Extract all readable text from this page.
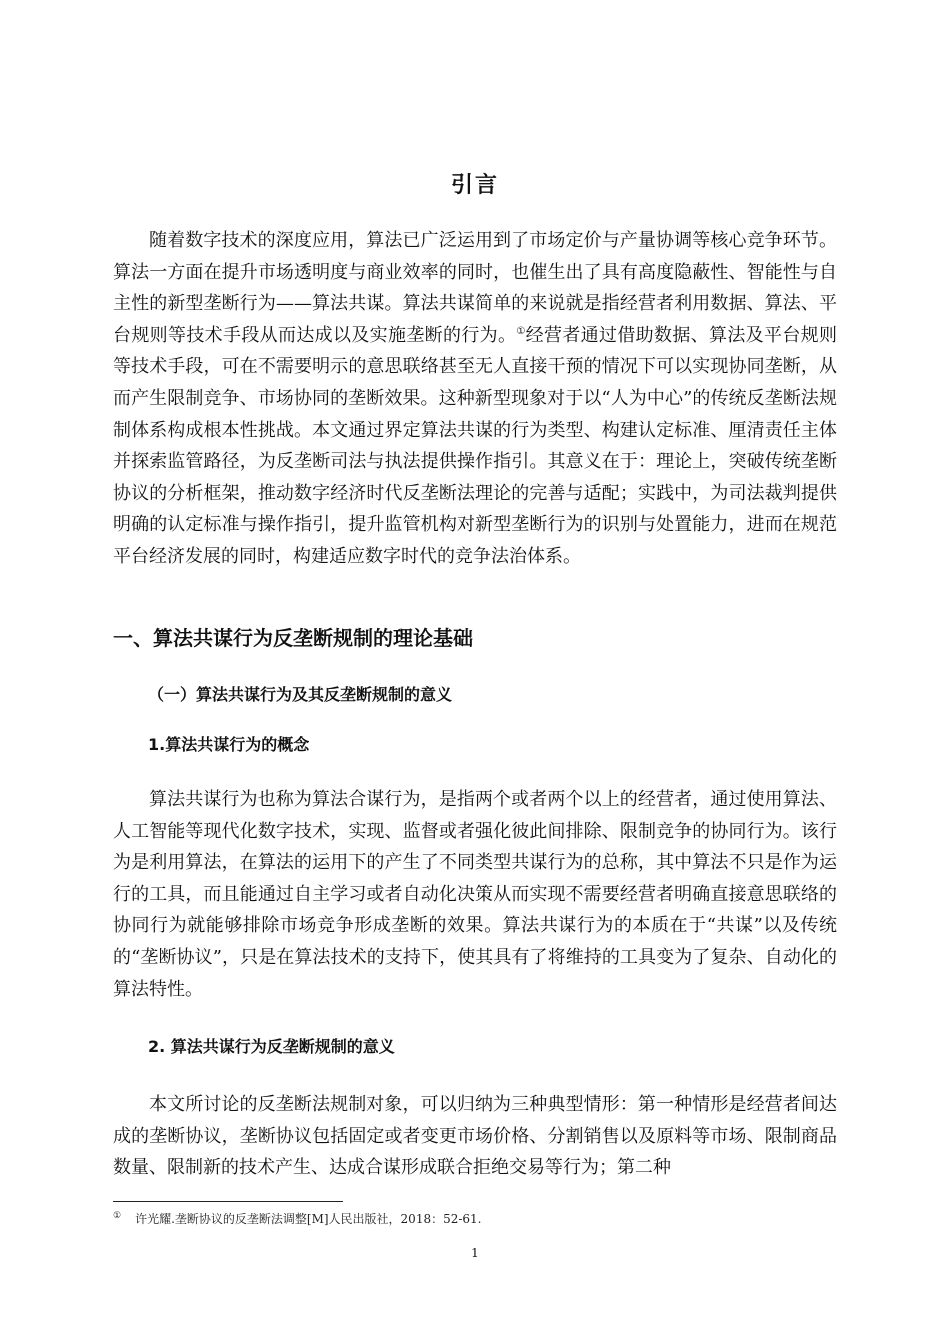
引言

随着数字技术的深度应用，算法已广泛运用到了市场定价与产量协调等核心竞争环节。算法一方面在提升市场透明度与商业效率的同时，也催生出了具有高度隐蔽性、智能性与自主性的新型垄断行为——算法共谋。算法共谋简单的来说就是指经营者利用数据、算法、平台规则等技术手段从而达成以及实施垄断的行为。①经营者通过借助数据、算法及平台规则等技术手段，可在不需要明示的意思联络甚至无人直接干预的情况下可以实现协同垄断，从而产生限制竞争、市场协同的垄断效果。这种新型现象对于以“人为中心”的传统反垄断法规制体系构成根本性挑战。本文通过界定算法共谋的行为类型、构建认定标准、厘清责任主体并探索监管路径，为反垄断司法与执法提供操作指引。其意义在于：理论上，突破传统垄断协议的分析框架，推动数字经济时代反垄断法理论的完善与适配；实践中，为司法裁判提供明确的认定标准与操作指引，提升监管机构对新型垄断行为的识别与处置能力，进而在规范平台经济发展的同时，构建适应数字时代的竞争法治体系。

一、算法共谋行为反垄断规制的理论基础
（一）算法共谋行为及其反垄断规制的意义
1.算法共谋行为的概念

算法共谋行为也称为算法合谋行为，是指两个或者两个以上的经营者，通过使用算法、人工智能等现代化数字技术，实现、监督或者强化彼此间排除、限制竞争的协同行为。该行为是利用算法，在算法的运用下的产生了不同类型共谋行为的总称，其中算法不只是作为运行的工具，而且能通过自主学习或者自动化决策从而实现不需要经营者明确直接意思联络的协同行为就能够排除市场竞争形成垄断的效果。算法共谋行为的本质在于“共谋”以及传统的“垄断协议”，只是在算法技术的支持下，使其具有了将维持的工具变为了复杂、自动化的算法特性。

2. 算法共谋行为反垄断规制的意义

本文所讨论的反垄断法规制对象，可以归纳为三种典型情形：第一种情形是经营者间达成的垄断协议，垄断协议包括固定或者变更市场价格、分割销售以及原料等市场、限制商品数量、限制新的技术产生、达成合谋形成联合拒绝交易等行为；第二种

① 许光耀.垄断协议的反垄断法调整[M]人民出版社，2018：52-61.
1
